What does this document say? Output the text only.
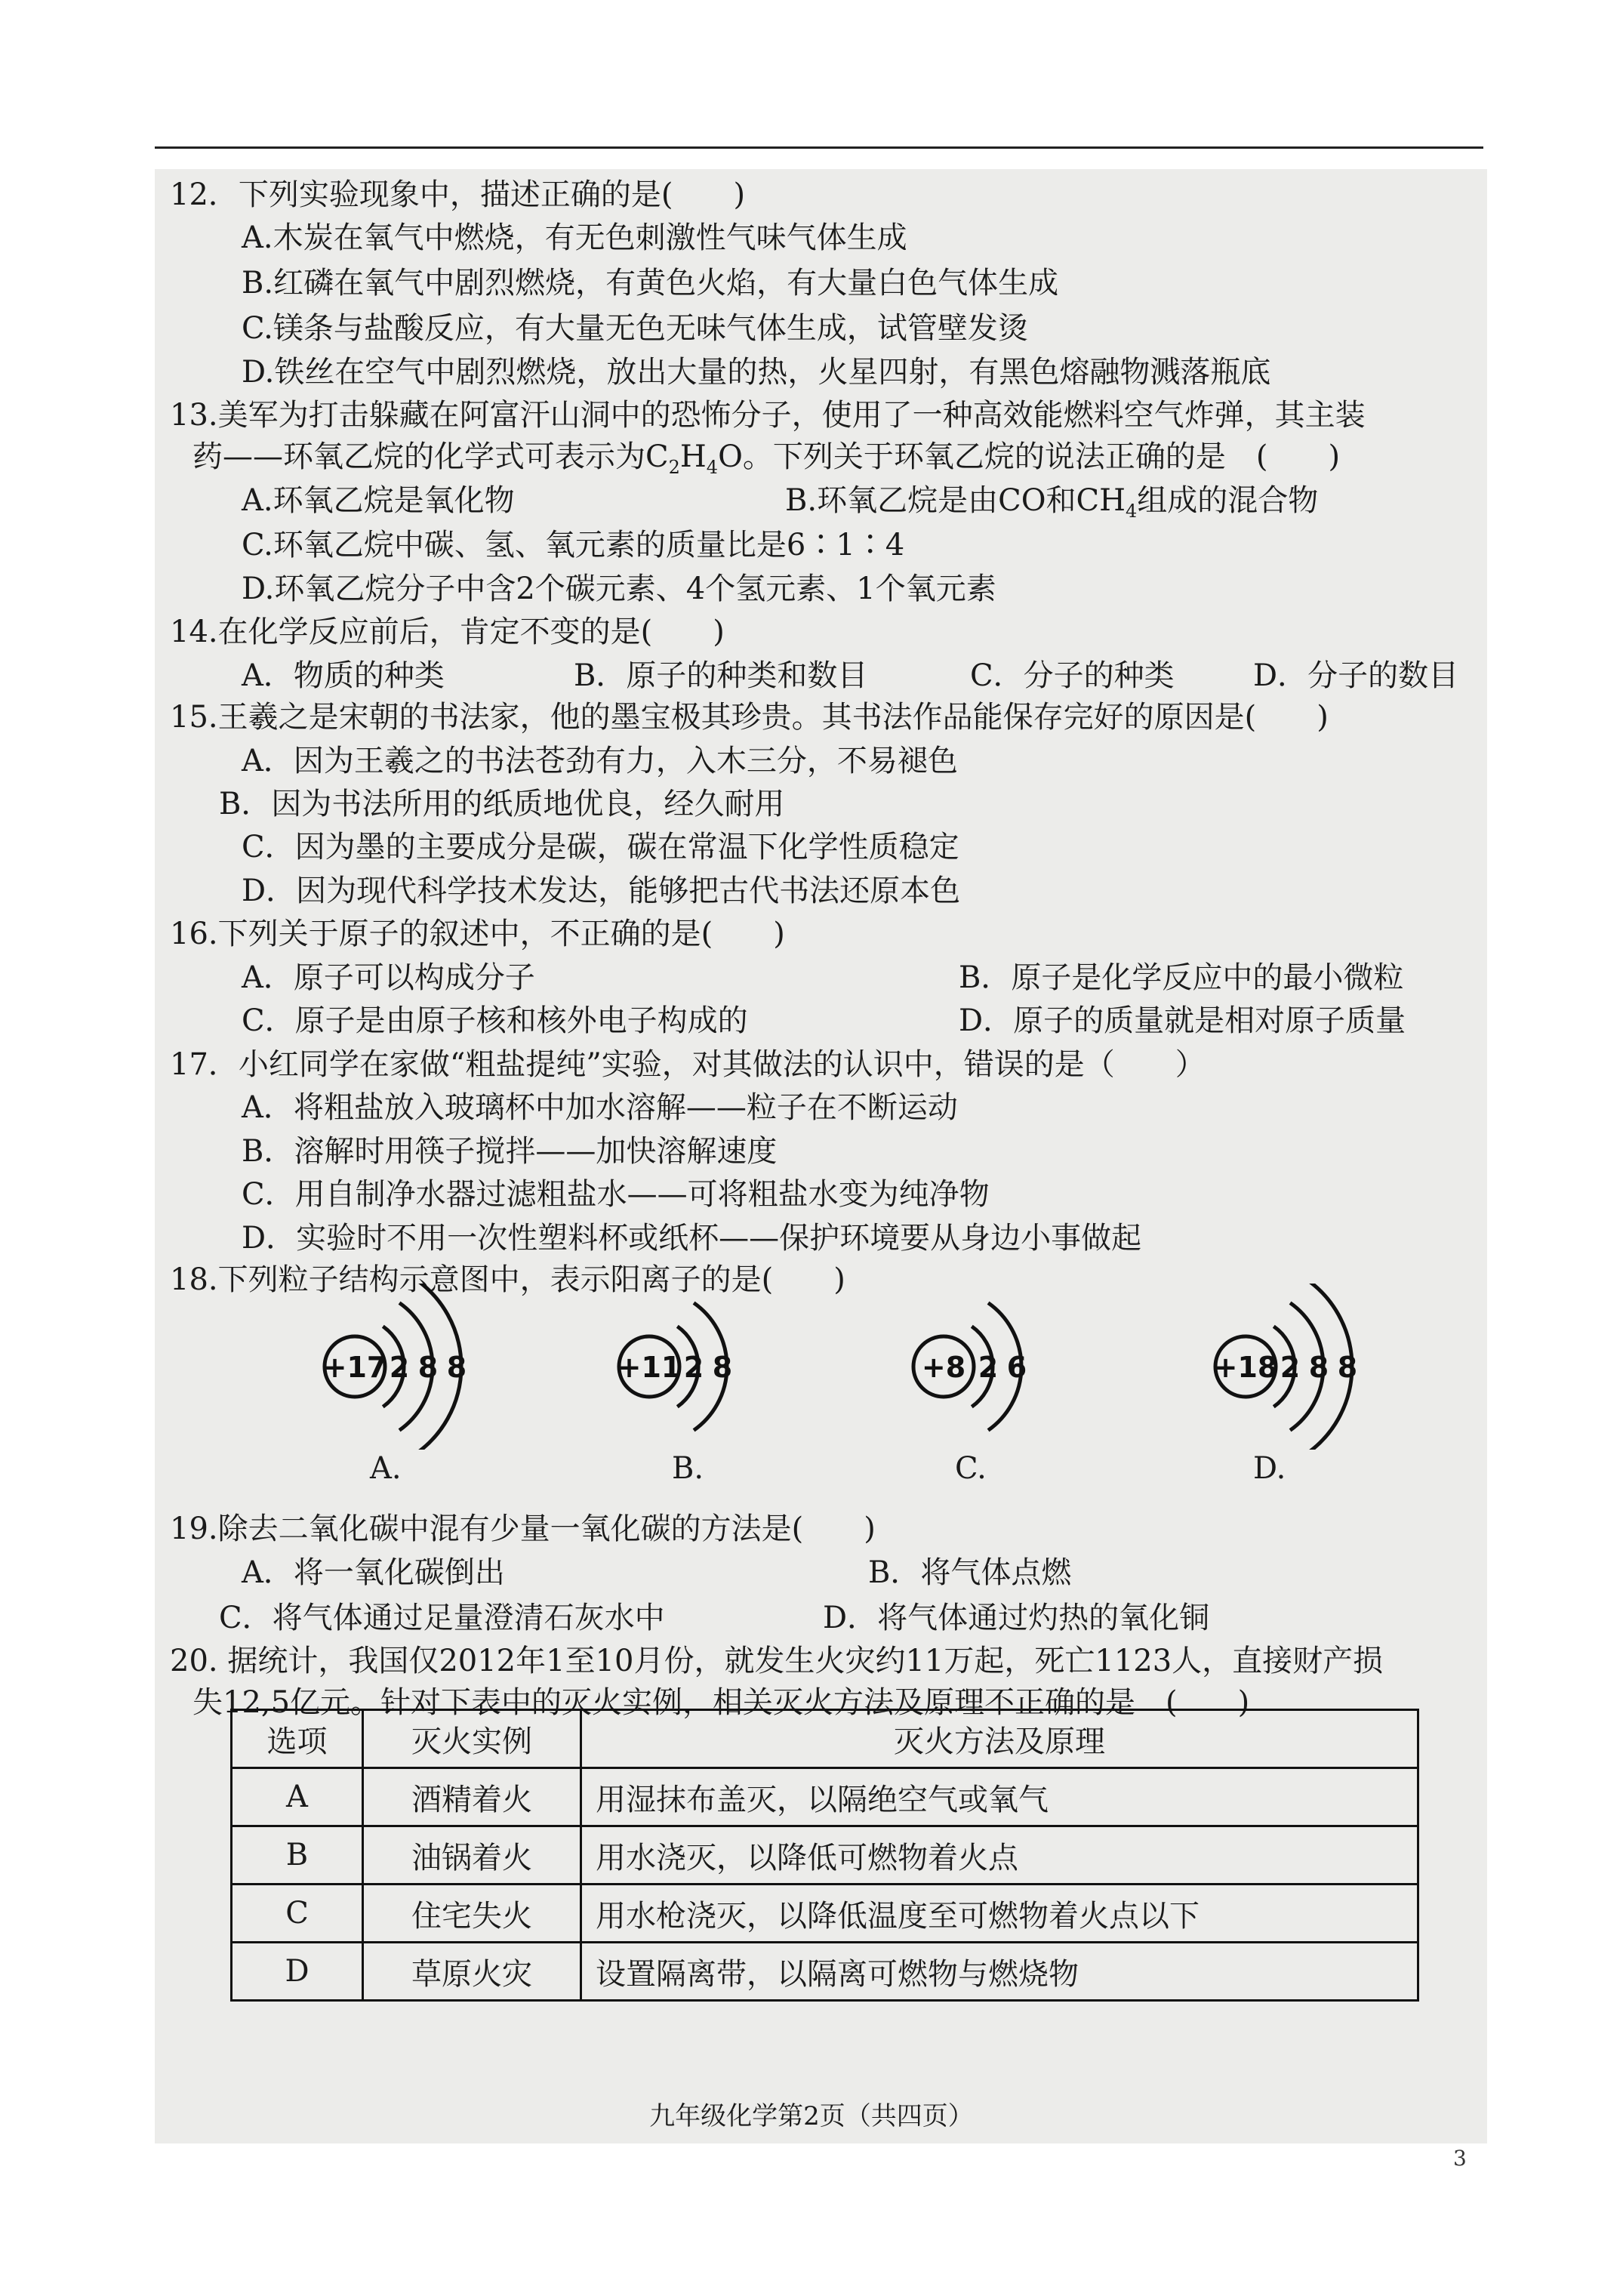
12．下列实验现象中，描述正确的是(　　)
A.木炭在氧气中燃烧，有无色刺激性气味气体生成
B.红磷在氧气中剧烈燃烧，有黄色火焰，有大量白色气体生成
C.镁条与盐酸反应，有大量无色无味气体生成，试管壁发烫
D.铁丝在空气中剧烈燃烧，放出大量的热，火星四射，有黑色熔融物溅落瓶底
13.美军为打击躲藏在阿富汗山洞中的恐怖分子，使用了一种高效能燃料空气炸弹，其主装
药——环氧乙烷的化学式可表示为$C_2H_4O$。下列关于环氧乙烷的说法正确的是　(　　)
A.环氧乙烷是氧化物	B.环氧乙烷是由CO和$CH_4$组成的混合物
C.环氧乙烷中碳、氢、氧元素的质量比是6∶1∶4
D.环氧乙烷分子中含2个碳元素、4个氢元素、1个氧元素
14.在化学反应前后，肯定不变的是(　　)
A．物质的种类	B．原子的种类和数目	C．分子的种类	D．分子的数目
15.王羲之是宋朝的书法家，他的墨宝极其珍贵。其书法作品能保存完好的原因是(　　)
A．因为王羲之的书法苍劲有力，入木三分，不易褪色
B．因为书法所用的纸质地优良，经久耐用
C．因为墨的主要成分是碳，碳在常温下化学性质稳定
D．因为现代科学技术发达，能够把古代书法还原本色
16.下列关于原子的叙述中，不正确的是(　　)
A．原子可以构成分子	B．原子是化学反应中的最小微粒
C．原子是由原子核和核外电子构成的	D．原子的质量就是相对原子质量
17．小红同学在家做“粗盐提纯”实验，对其做法的认识中，错误的是（　　）
A．将粗盐放入玻璃杯中加水溶解——粒子在不断运动
B．溶解时用筷子搅拌——加快溶解速度
C．用自制净水器过滤粗盐水——可将粗盐水变为纯净物
D．实验时不用一次性塑料杯或纸杯——保护环境要从身边小事做起
18.下列粒子结构示意图中，表示阳离子的是(　　)
+17 2 8 8	+11 2 8	+8 2 6	+18 2 8 8
A.	B.	C.	D.
19.除去二氧化碳中混有少量一氧化碳的方法是(　　)
A．将一氧化碳倒出	B．将气体点燃
C．将气体通过足量澄清石灰水中	D．将气体通过灼热的氧化铜
20. 据统计，我国仅2012年1至10月份，就发生火灾约11万起，死亡1123人，直接财产损
失12,5亿元。针对下表中的灭火实例，相关灭火方法及原理不正确的是　(　　)
选项	灭火实例	灭火方法及原理
A	酒精着火	用湿抹布盖灭，以隔绝空气或氧气
B	油锅着火	用水浇灭，以降低可燃物着火点
C	住宅失火	用水枪浇灭，以降低温度至可燃物着火点以下
D	草原火灾	设置隔离带，以隔离可燃物与燃烧物
九年级化学第2页（共四页）
3
